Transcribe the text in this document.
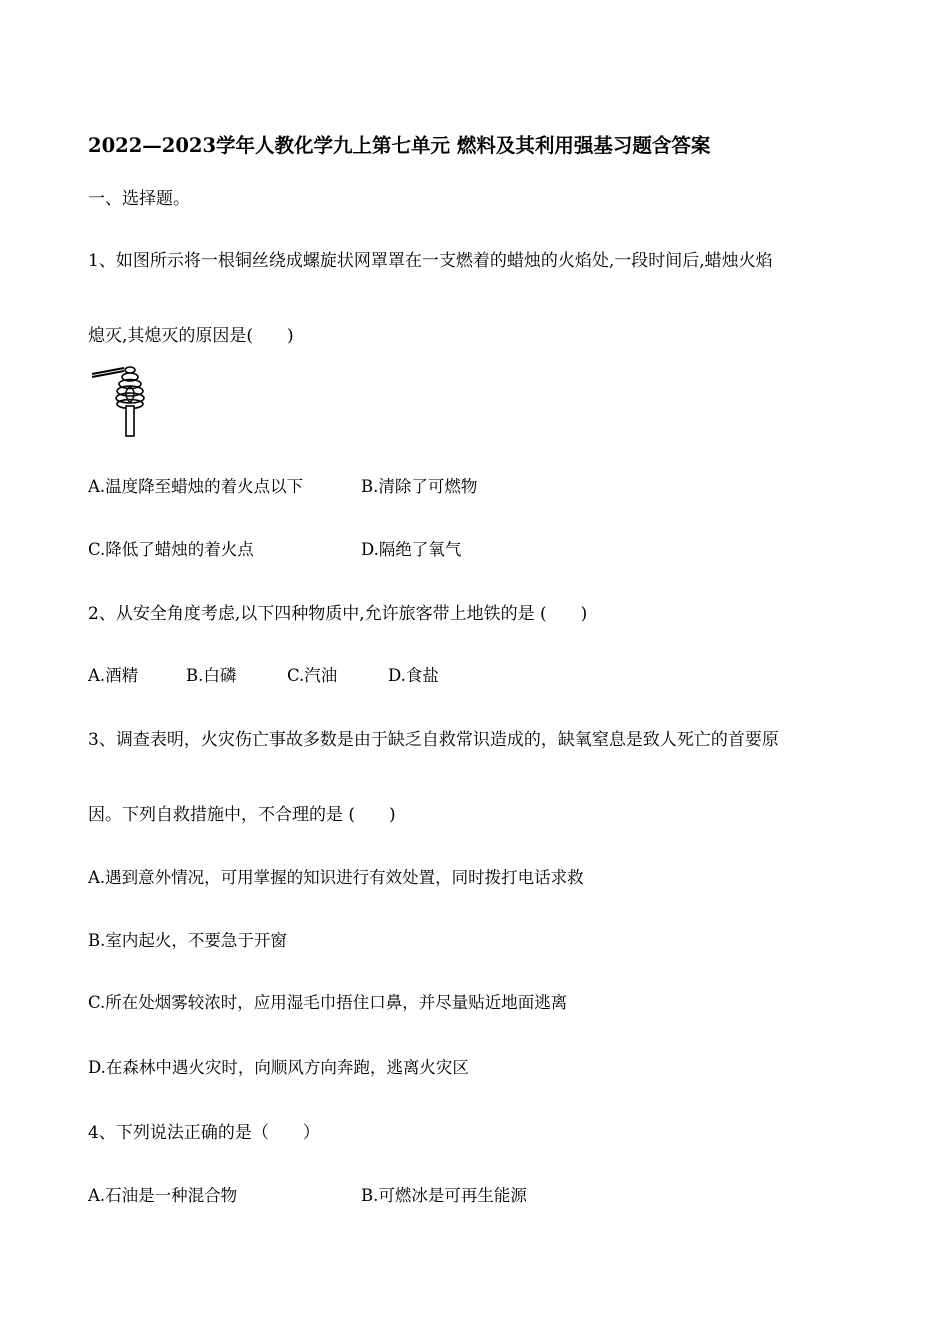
2022—2023学年人教化学九上第七单元 燃料及其利用强基习题含答案
一、选择题。
1、如图所示将一根铜丝绕成螺旋状网罩罩在一支燃着的蜡烛的火焰处,一段时间后,蜡烛火焰
熄灭,其熄灭的原因是(　　)
A.温度降至蜡烛的着火点以下	B.清除了可燃物
C.降低了蜡烛的着火点	D.隔绝了氧气
2、从安全角度考虑,以下四种物质中,允许旅客带上地铁的是 (　　)
A.酒精	B.白磷	C.汽油	D.食盐
3、调查表明，火灾伤亡事故多数是由于缺乏自救常识造成的，缺氧窒息是致人死亡的首要原
因。下列自救措施中，不合理的是 (　　)
A.遇到意外情况，可用掌握的知识进行有效处置，同时拨打电话求救
B.室内起火，不要急于开窗
C.所在处烟雾较浓时，应用湿毛巾捂住口鼻，并尽量贴近地面逃离
D.在森林中遇火灾时，向顺风方向奔跑，逃离火灾区
4、下列说法正确的是（　　）
A.石油是一种混合物	B.可燃冰是可再生能源
